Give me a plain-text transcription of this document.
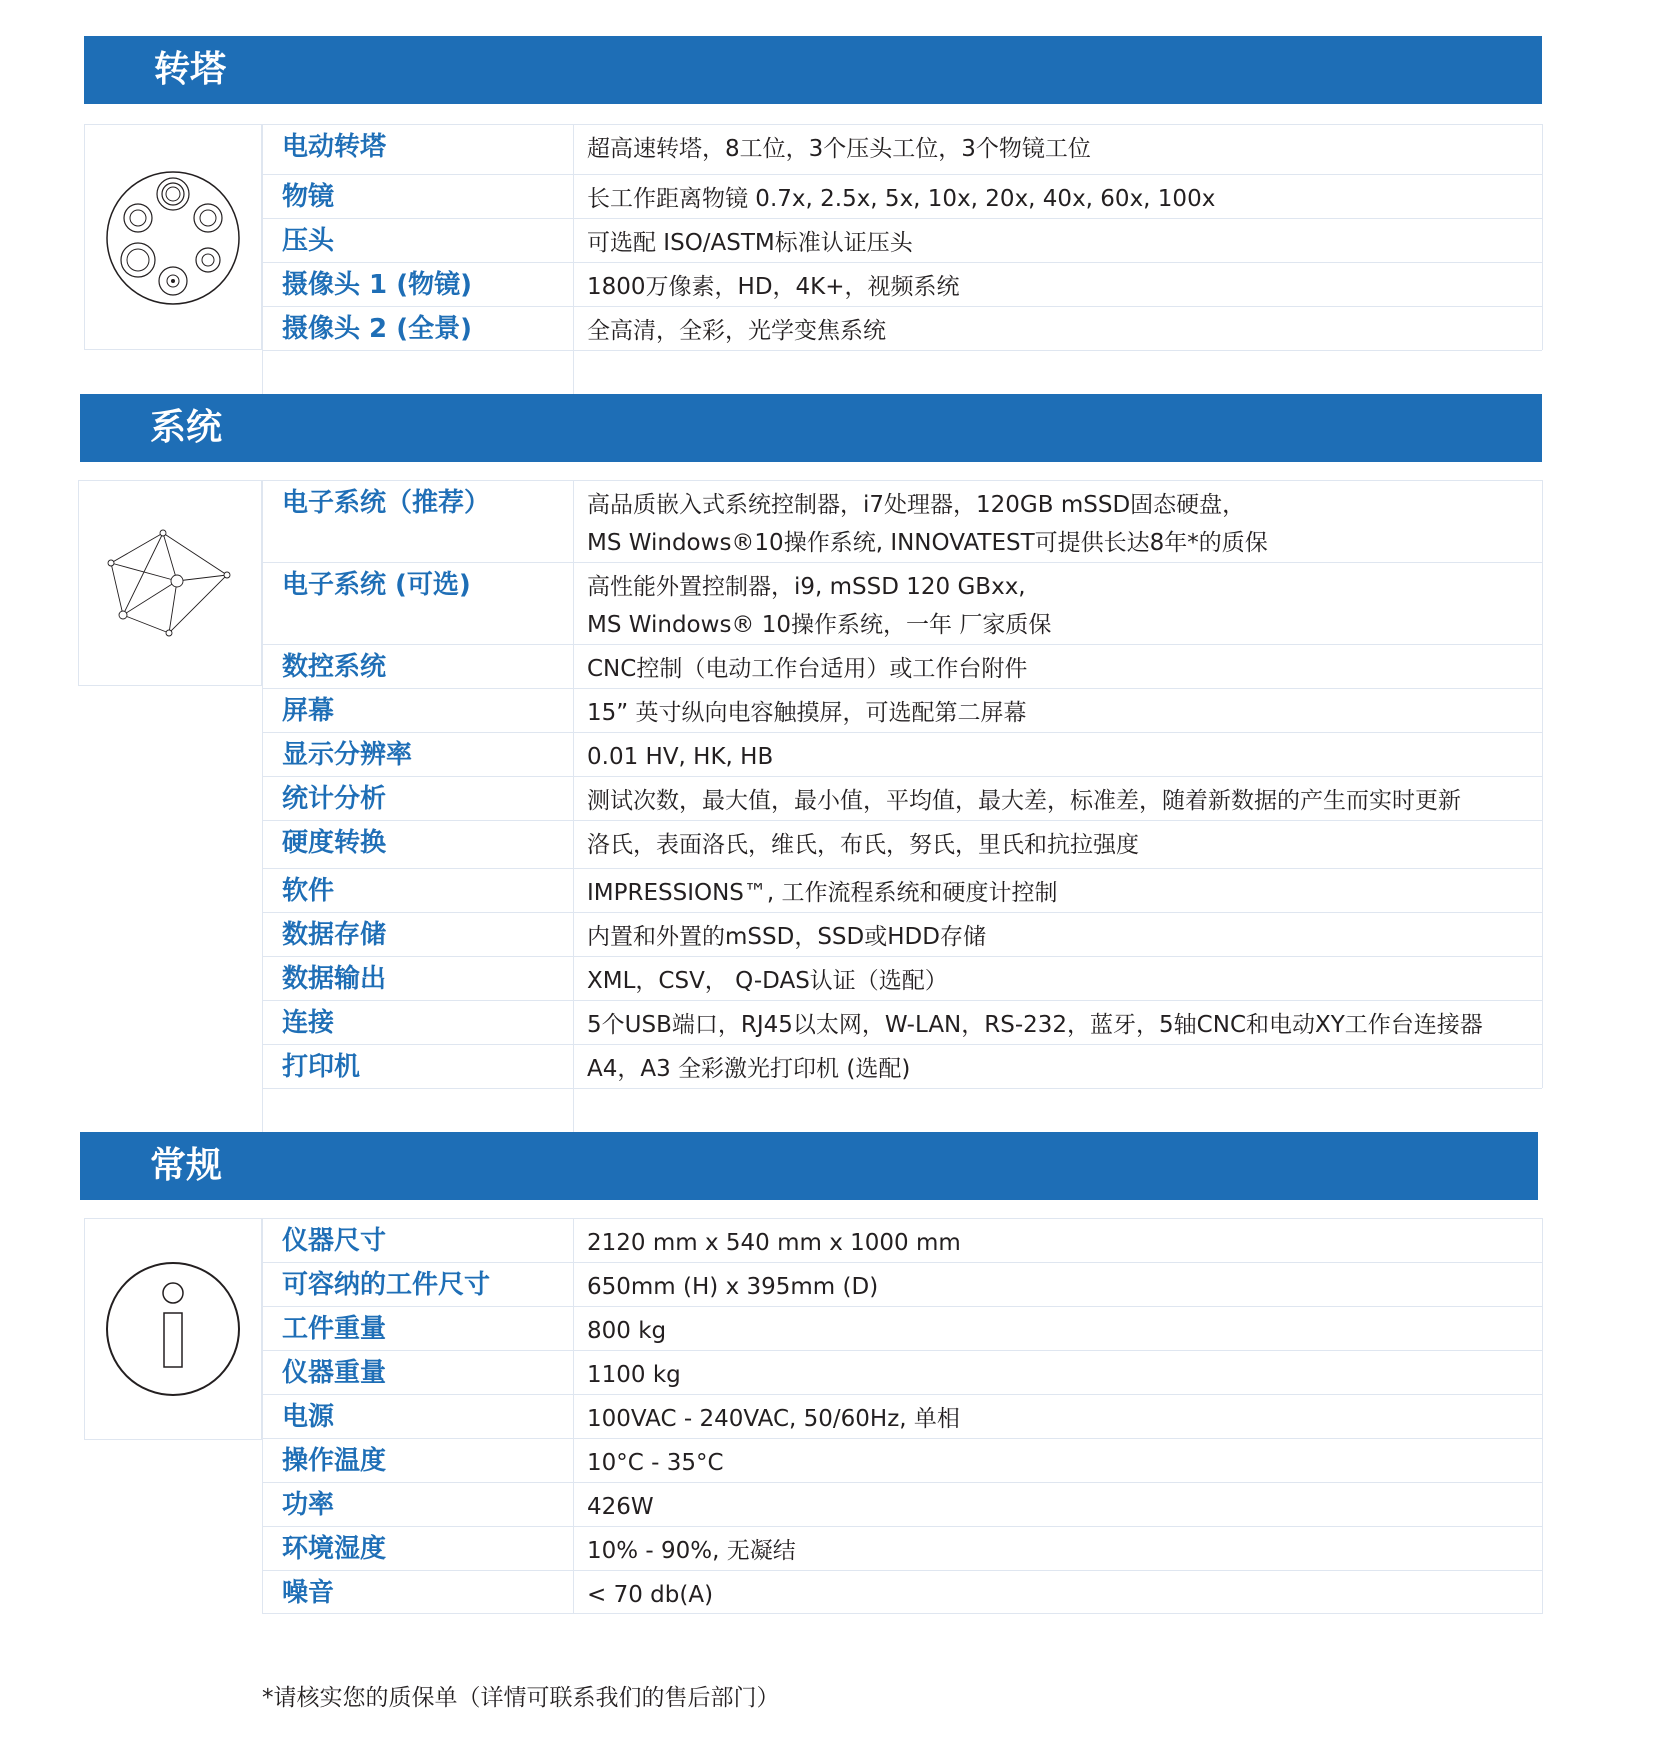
转塔
电动转塔	超高速转塔，8工位，3个压头工位，3个物镜工位
物镜	长工作距离物镜 0.7x, 2.5x, 5x, 10x, 20x, 40x, 60x, 100x
压头	可选配 ISO/ASTM标准认证压头
摄像头 1 (物镜)	1800万像素，HD，4K+，视频系统
摄像头 2 (全景)	全高清，全彩，光学变焦系统
系统
电子系统（推荐）	高品质嵌入式系统控制器，i7处理器，120GB mSSD固态硬盘，
MS Windows®10操作系统, INNOVATEST可提供长达8年*的质保
电子系统 (可选)	高性能外置控制器，i9, mSSD 120 GBxx,
MS Windows® 10操作系统，一年 厂家质保
数控系统	CNC控制（电动工作台适用）或工作台附件
屏幕	15” 英寸纵向电容触摸屏，可选配第二屏幕
显示分辨率	0.01 HV, HK, HB
统计分析	测试次数，最大值，最小值，平均值，最大差，标准差，随着新数据的产生而实时更新
硬度转换	洛氏，表面洛氏，维氏，布氏，努氏，里氏和抗拉强度
软件	IMPRESSIONS™, 工作流程系统和硬度计控制
数据存储	内置和外置的mSSD，SSD或HDD存储
数据输出	XML，CSV， Q-DAS认证（选配）
连接	5个USB端口，RJ45以太网，W-LAN，RS-232，蓝牙，5轴CNC和电动XY工作台连接器
打印机	A4，A3 全彩激光打印机 (选配)
常规
仪器尺寸	2120 mm x 540 mm x 1000 mm
可容纳的工件尺寸	650mm (H) x 395mm (D)
工件重量	800 kg
仪器重量	1100 kg
电源	100VAC - 240VAC, 50/60Hz, 单相
操作温度	10°C - 35°C
功率	426W
环境湿度	10% - 90%, 无凝结
噪音	< 70 db(A)
*请核实您的质保单（详情可联系我们的售后部门）
